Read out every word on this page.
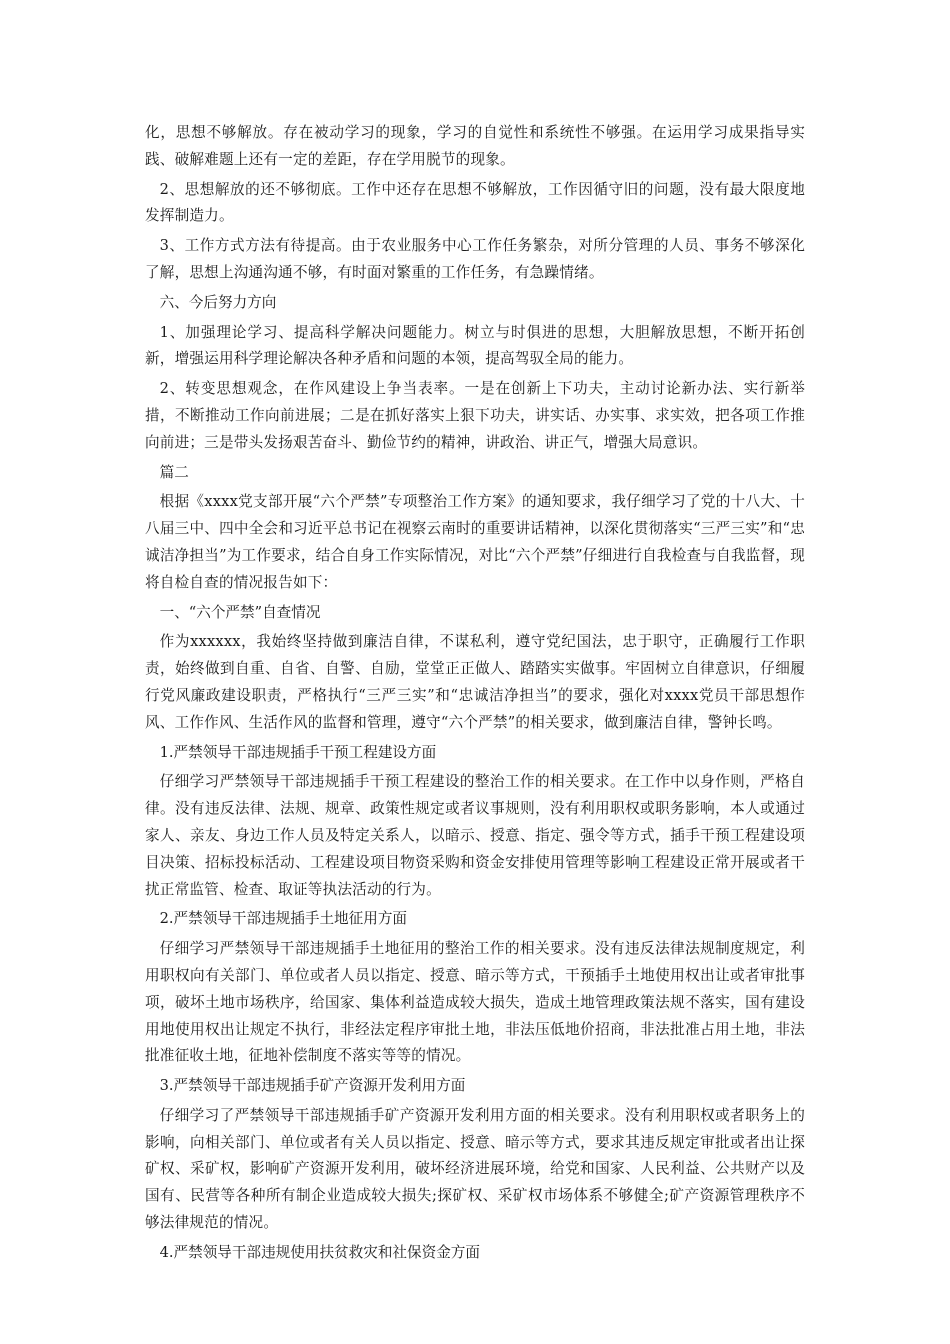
化，思想不够解放。存在被动学习的现象，学习的自觉性和系统性不够强。在运用学习成果指导实践、破解难题上还有一定的差距，存在学用脱节的现象。

2、思想解放的还不够彻底。工作中还存在思想不够解放，工作因循守旧的问题，没有最大限度地发挥制造力。

3、工作方式方法有待提高。由于农业服务中心工作任务繁杂，对所分管理的人员、事务不够深化了解，思想上沟通沟通不够，有时面对繁重的工作任务，有急躁情绪。

六、今后努力方向

1、加强理论学习、提高科学解决问题能力。树立与时俱进的思想，大胆解放思想，不断开拓创新，增强运用科学理论解决各种矛盾和问题的本领，提高驾驭全局的能力。

2、转变思想观念，在作风建设上争当表率。一是在创新上下功夫，主动讨论新办法、实行新举措，不断推动工作向前进展；二是在抓好落实上狠下功夫，讲实话、办实事、求实效，把各项工作推向前进；三是带头发扬艰苦奋斗、勤俭节约的精神，讲政治、讲正气，增强大局意识。

篇二

根据《xxxx党支部开展“六个严禁”专项整治工作方案》的通知要求，我仔细学习了党的十八大、十八届三中、四中全会和习近平总书记在视察云南时的重要讲话精神，以深化贯彻落实“三严三实”和“忠诚洁净担当”为工作要求，结合自身工作实际情况，对比“六个严禁”仔细进行自我检查与自我监督，现将自检自查的情况报告如下：

一、“六个严禁”自查情况

作为xxxxxx，我始终坚持做到廉洁自律，不谋私利，遵守党纪国法，忠于职守，正确履行工作职责，始终做到自重、自省、自警、自励，堂堂正正做人、踏踏实实做事。牢固树立自律意识，仔细履行党风廉政建设职责，严格执行“三严三实”和“忠诚洁净担当”的要求，强化对xxxx党员干部思想作风、工作作风、生活作风的监督和管理，遵守“六个严禁”的相关要求，做到廉洁自律，警钟长鸣。

1.严禁领导干部违规插手干预工程建设方面

仔细学习严禁领导干部违规插手干预工程建设的整治工作的相关要求。在工作中以身作则，严格自律。没有违反法律、法规、规章、政策性规定或者议事规则，没有利用职权或职务影响，本人或通过家人、亲友、身边工作人员及特定关系人，以暗示、授意、指定、强令等方式，插手干预工程建设项目决策、招标投标活动、工程建设项目物资采购和资金安排使用管理等影响工程建设正常开展或者干扰正常监管、检查、取证等执法活动的行为。

2.严禁领导干部违规插手土地征用方面

仔细学习严禁领导干部违规插手土地征用的整治工作的相关要求。没有违反法律法规制度规定，利用职权向有关部门、单位或者人员以指定、授意、暗示等方式，干预插手土地使用权出让或者审批事项，破坏土地市场秩序，给国家、集体利益造成较大损失，造成土地管理政策法规不落实，国有建设用地使用权出让规定不执行，非经法定程序审批土地，非法压低地价招商，非法批准占用土地，非法批准征收土地，征地补偿制度不落实等等的情况。

3.严禁领导干部违规插手矿产资源开发利用方面

仔细学习了严禁领导干部违规插手矿产资源开发利用方面的相关要求。没有利用职权或者职务上的影响，向相关部门、单位或者有关人员以指定、授意、暗示等方式，要求其违反规定审批或者出让探矿权、采矿权，影响矿产资源开发利用，破坏经济进展环境，给党和国家、人民利益、公共财产以及国有、民营等各种所有制企业造成较大损失;探矿权、采矿权市场体系不够健全;矿产资源管理秩序不够法律规范的情况。

4.严禁领导干部违规使用扶贫救灾和社保资金方面
